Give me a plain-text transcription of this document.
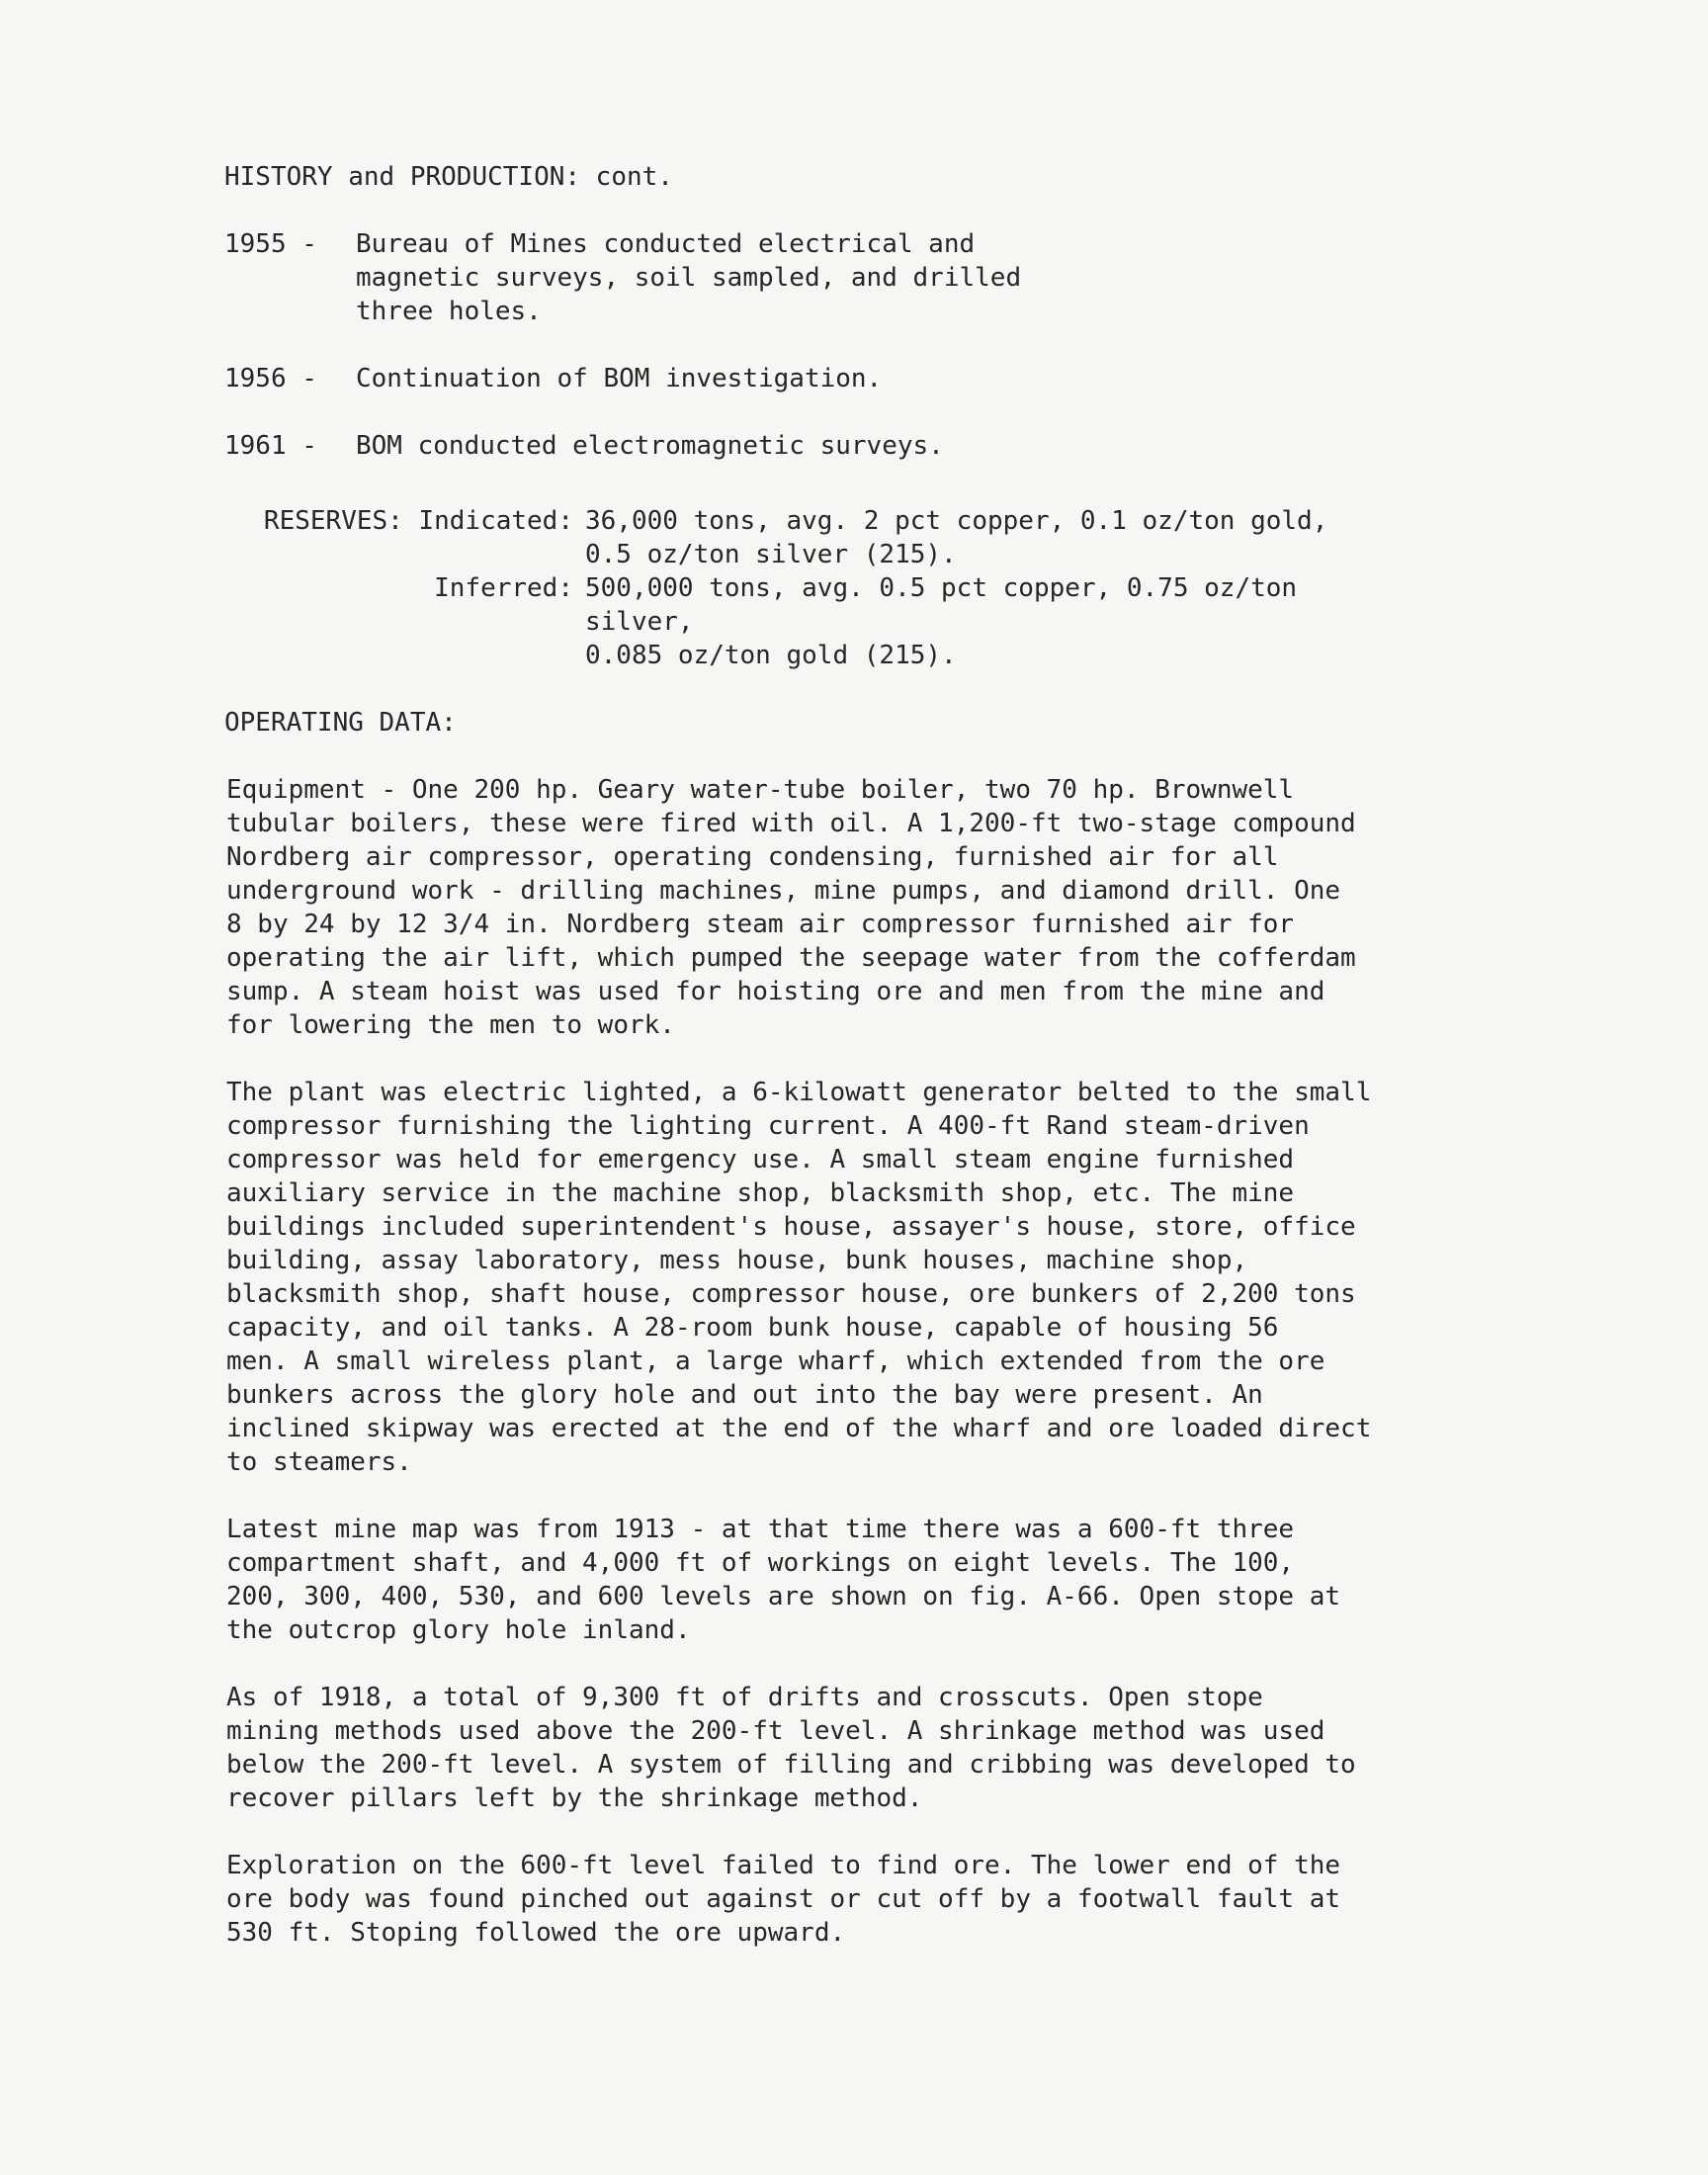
HISTORY and PRODUCTION: cont.
1955 -	Bureau of Mines conducted electrical and
magnetic surveys, soil sampled, and drilled
three holes.
1956 -	Continuation of BOM investigation.
1961 -	BOM conducted electromagnetic surveys.
RESERVES: Indicated: 36,000 tons, avg. 2 pct copper, 0.1 oz/ton gold,
0.5 oz/ton silver (215).
Inferred: 500,000 tons, avg. 0.5 pct copper, 0.75 oz/ton silver,
0.085 oz/ton gold (215).
OPERATING DATA:
Equipment - One 200 hp. Geary water-tube boiler, two 70 hp. Brownwell
tubular boilers, these were fired with oil. A 1,200-ft two-stage compound
Nordberg air compressor, operating condensing, furnished air for all
underground work - drilling machines, mine pumps, and diamond drill. One
8 by 24 by 12 3/4 in. Nordberg steam air compressor furnished air for
operating the air lift, which pumped the seepage water from the cofferdam
sump. A steam hoist was used for hoisting ore and men from the mine and
for lowering the men to work.
The plant was electric lighted, a 6-kilowatt generator belted to the small
compressor furnishing the lighting current. A 400-ft Rand steam-driven
compressor was held for emergency use. A small steam engine furnished
auxiliary service in the machine shop, blacksmith shop, etc. The mine
buildings included superintendent's house, assayer's house, store, office
building, assay laboratory, mess house, bunk houses, machine shop,
blacksmith shop, shaft house, compressor house, ore bunkers of 2,200 tons
capacity, and oil tanks. A 28-room bunk house, capable of housing 56
men. A small wireless plant, a large wharf, which extended from the ore
bunkers across the glory hole and out into the bay were present. An
inclined skipway was erected at the end of the wharf and ore loaded direct
to steamers.
Latest mine map was from 1913 - at that time there was a 600-ft three
compartment shaft, and 4,000 ft of workings on eight levels. The 100,
200, 300, 400, 530, and 600 levels are shown on fig. A-66. Open stope at
the outcrop glory hole inland.
As of 1918, a total of 9,300 ft of drifts and crosscuts. Open stope
mining methods used above the 200-ft level. A shrinkage method was used
below the 200-ft level. A system of filling and cribbing was developed to
recover pillars left by the shrinkage method.
Exploration on the 600-ft level failed to find ore. The lower end of the
ore body was found pinched out against or cut off by a footwall fault at
530 ft. Stoping followed the ore upward.
